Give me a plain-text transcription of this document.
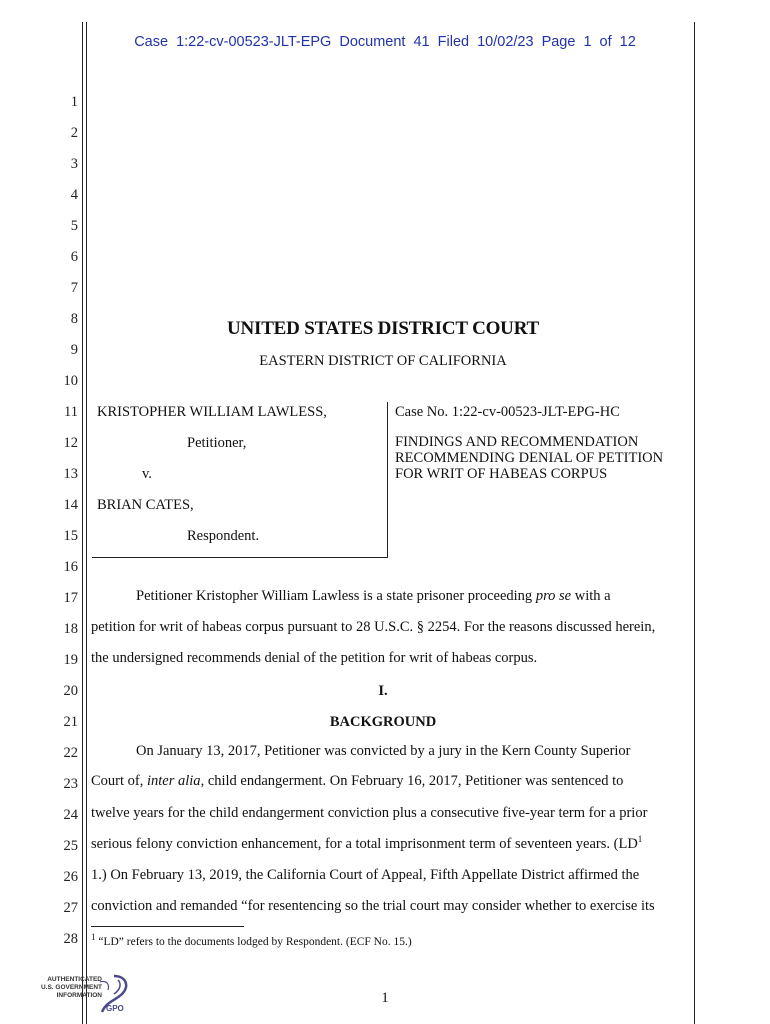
Case 1:22-cv-00523-JLT-EPG Document 41 Filed 10/02/23 Page 1 of 12
1
2
3
4
5
6
7
8
9
10
11
12
13
14
15
16
17
18
19
20
21
22
23
24
25
26
27
28
UNITED STATES DISTRICT COURT
EASTERN DISTRICT OF CALIFORNIA
KRISTOPHER WILLIAM LAWLESS,
Petitioner,
v.
BRIAN CATES,
Respondent.
Case No. 1:22-cv-00523-JLT-EPG-HC
FINDINGS AND RECOMMENDATION
RECOMMENDING DENIAL OF PETITION
FOR WRIT OF HABEAS CORPUS
Petitioner Kristopher William Lawless is a state prisoner proceeding pro se with a
petition for writ of habeas corpus pursuant to 28 U.S.C. § 2254. For the reasons discussed herein,
the undersigned recommends denial of the petition for writ of habeas corpus.
I.
BACKGROUND
On January 13, 2017, Petitioner was convicted by a jury in the Kern County Superior
Court of, inter alia, child endangerment. On February 16, 2017, Petitioner was sentenced to
twelve years for the child endangerment conviction plus a consecutive five-year term for a prior
serious felony conviction enhancement, for a total imprisonment term of seventeen years. ($LD^1$
1.) On February 13, 2019, the California Court of Appeal, Fifth Appellate District affirmed the
conviction and remanded “for resentencing so the trial court may consider whether to exercise its
$^1$ “LD” refers to the documents lodged by Respondent. (ECF No. 15.)
1
AUTHENTICATED
U.S. GOVERNMENT
INFORMATION
GPO
